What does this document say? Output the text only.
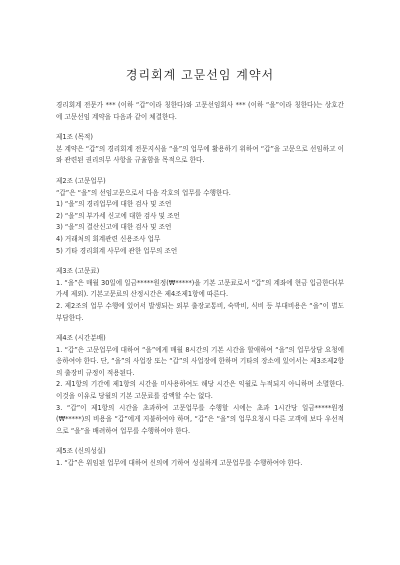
경리회계 고문선임 계약서

경리회계 전문가 *** (이하 “갑”이라 칭한다)와 고문선임회사 *** (이하 “을”이라 칭한다)는 상호간에 고문선임 계약을 다음과 같이 체결한다.

제1조 (목적)
본 계약은 “갑”의 경리회계 전문지식을 “을”의 업무에 활용하기 위하여 “갑”을 고문으로 선임하고 이와 관련된 권리의무 사항을 규율함을 목적으로 한다.
제2조 (고문업무)
“갑”은 “을”의 선임고문으로서 다음 각호의 업무를 수행한다.
1) “을”의 경리업무에 대한 검사 및 조언
2) “을”의 부가세 신고에 대한 검사 및 조언
3) “을”의 결산신고에 대한 검사 및 조언
4) 거래처의 회계관련 신용조사 업무
5) 기타 경리회계 사무에 관한 업무의 조언
제3조 (고문료)
1. “을”은 매월 30일에 일금*****원정(₩*****)을 기본 고문료로서 “갑”의 계좌에 현금 입금한다(부가세 제외). 기본고문료의 산정시간은 제4조제1항에 따른다.
2. 제2조의 업무 수행에 있어서 발생되는 외부 출장교통비, 숙박비, 식비 등 부대비용은 “을”이 별도 부담한다.
제4조 (시간분배)
1. “갑”은 고문업무에 대하여 “을”에게 매월 8시간의 기본 시간을 할애하여 “을”의 업무상담 요청에 응하여야 한다. 단, “을”의 사업장 또는 “갑”의 사업장에 한하며 기타의 장소에 있어서는 제3조제2항의 출장비 규정이 적용된다.
2. 제1항의 기간에 제1항의 시간을 미사용하여도 해당 시간은 익월로 누적되지 아니하며 소멸한다. 이것을 이유로 당월의 기본 고문료를 감액할 수는 없다.
3. “갑”이 제1항의 시간을 초과하여 고문업무를 수행할 시에는 초과 1시간당 일금*****원정(₩*****)의 비용을 “갑”에게 지불하여야 하며, “갑”은 “을”의 업무요청시 다른 고객에 보다 우선적으로 “을”을 배려하여 업무를 수행하여야 한다.
제5조 (신의성실)
1. “갑”은 위임된 업무에 대하여 신의에 기하여 성실하게 고문업무를 수행하여야 한다.
